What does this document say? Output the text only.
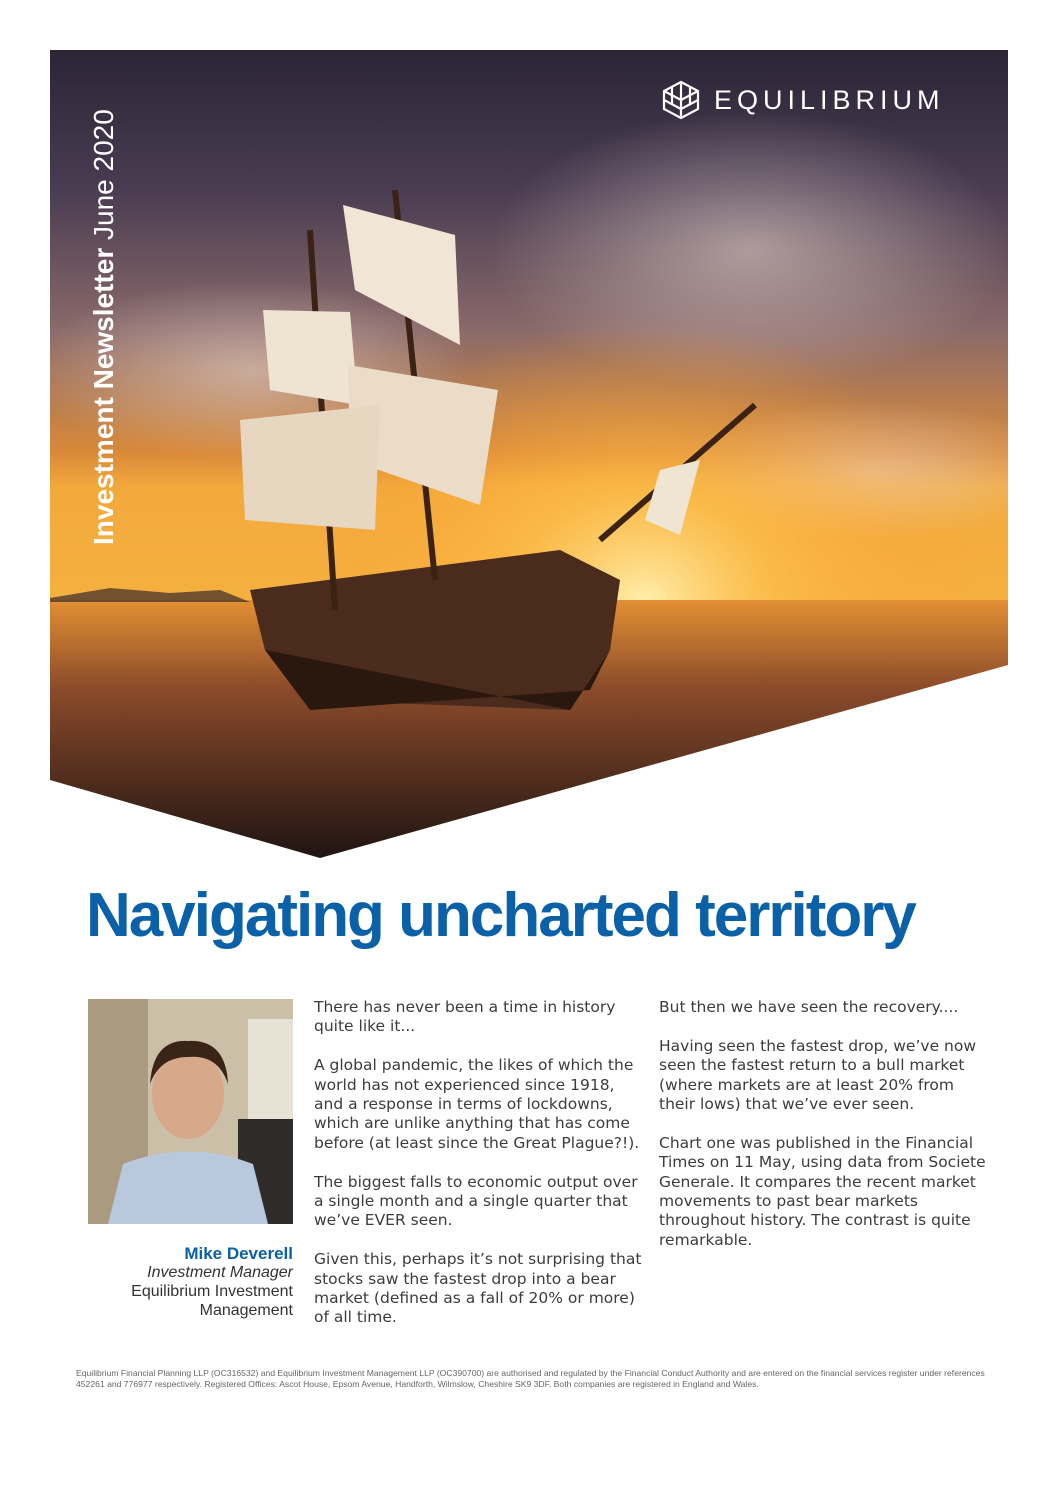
Investment Newsletter June 2020
EQUILIBRIUM
Navigating uncharted territory
Mike Deverell
Investment Manager
Equilibrium Investment Management

There has never been a time in history quite like it...

A global pandemic, the likes of which the world has not experienced since 1918, and a response in terms of lockdowns, which are unlike anything that has come before (at least since the Great Plague?!).

The biggest falls to economic output over a single month and a single quarter that we’ve EVER seen.

Given this, perhaps it’s not surprising that stocks saw the fastest drop into a bear market (defined as a fall of 20% or more) of all time.

But then we have seen the recovery....

Having seen the fastest drop, we’ve now seen the fastest return to a bull market (where markets are at least 20% from their lows) that we’ve ever seen.

Chart one was published in the Financial Times on 11 May, using data from Societe Generale. It compares the recent market movements to past bear markets throughout history. The contrast is quite remarkable.

Equilibrium Financial Planning LLP (OC316532) and Equilibrium Investment Management LLP (OC390700) are authorised and regulated by the Financial Conduct Authority and are entered on the financial services register under references 452261 and 776977 respectively. Registered Offices: Ascot House, Epsom Avenue, Handforth, Wilmslow, Cheshire SK9 3DF. Both companies are registered in England and Wales.
